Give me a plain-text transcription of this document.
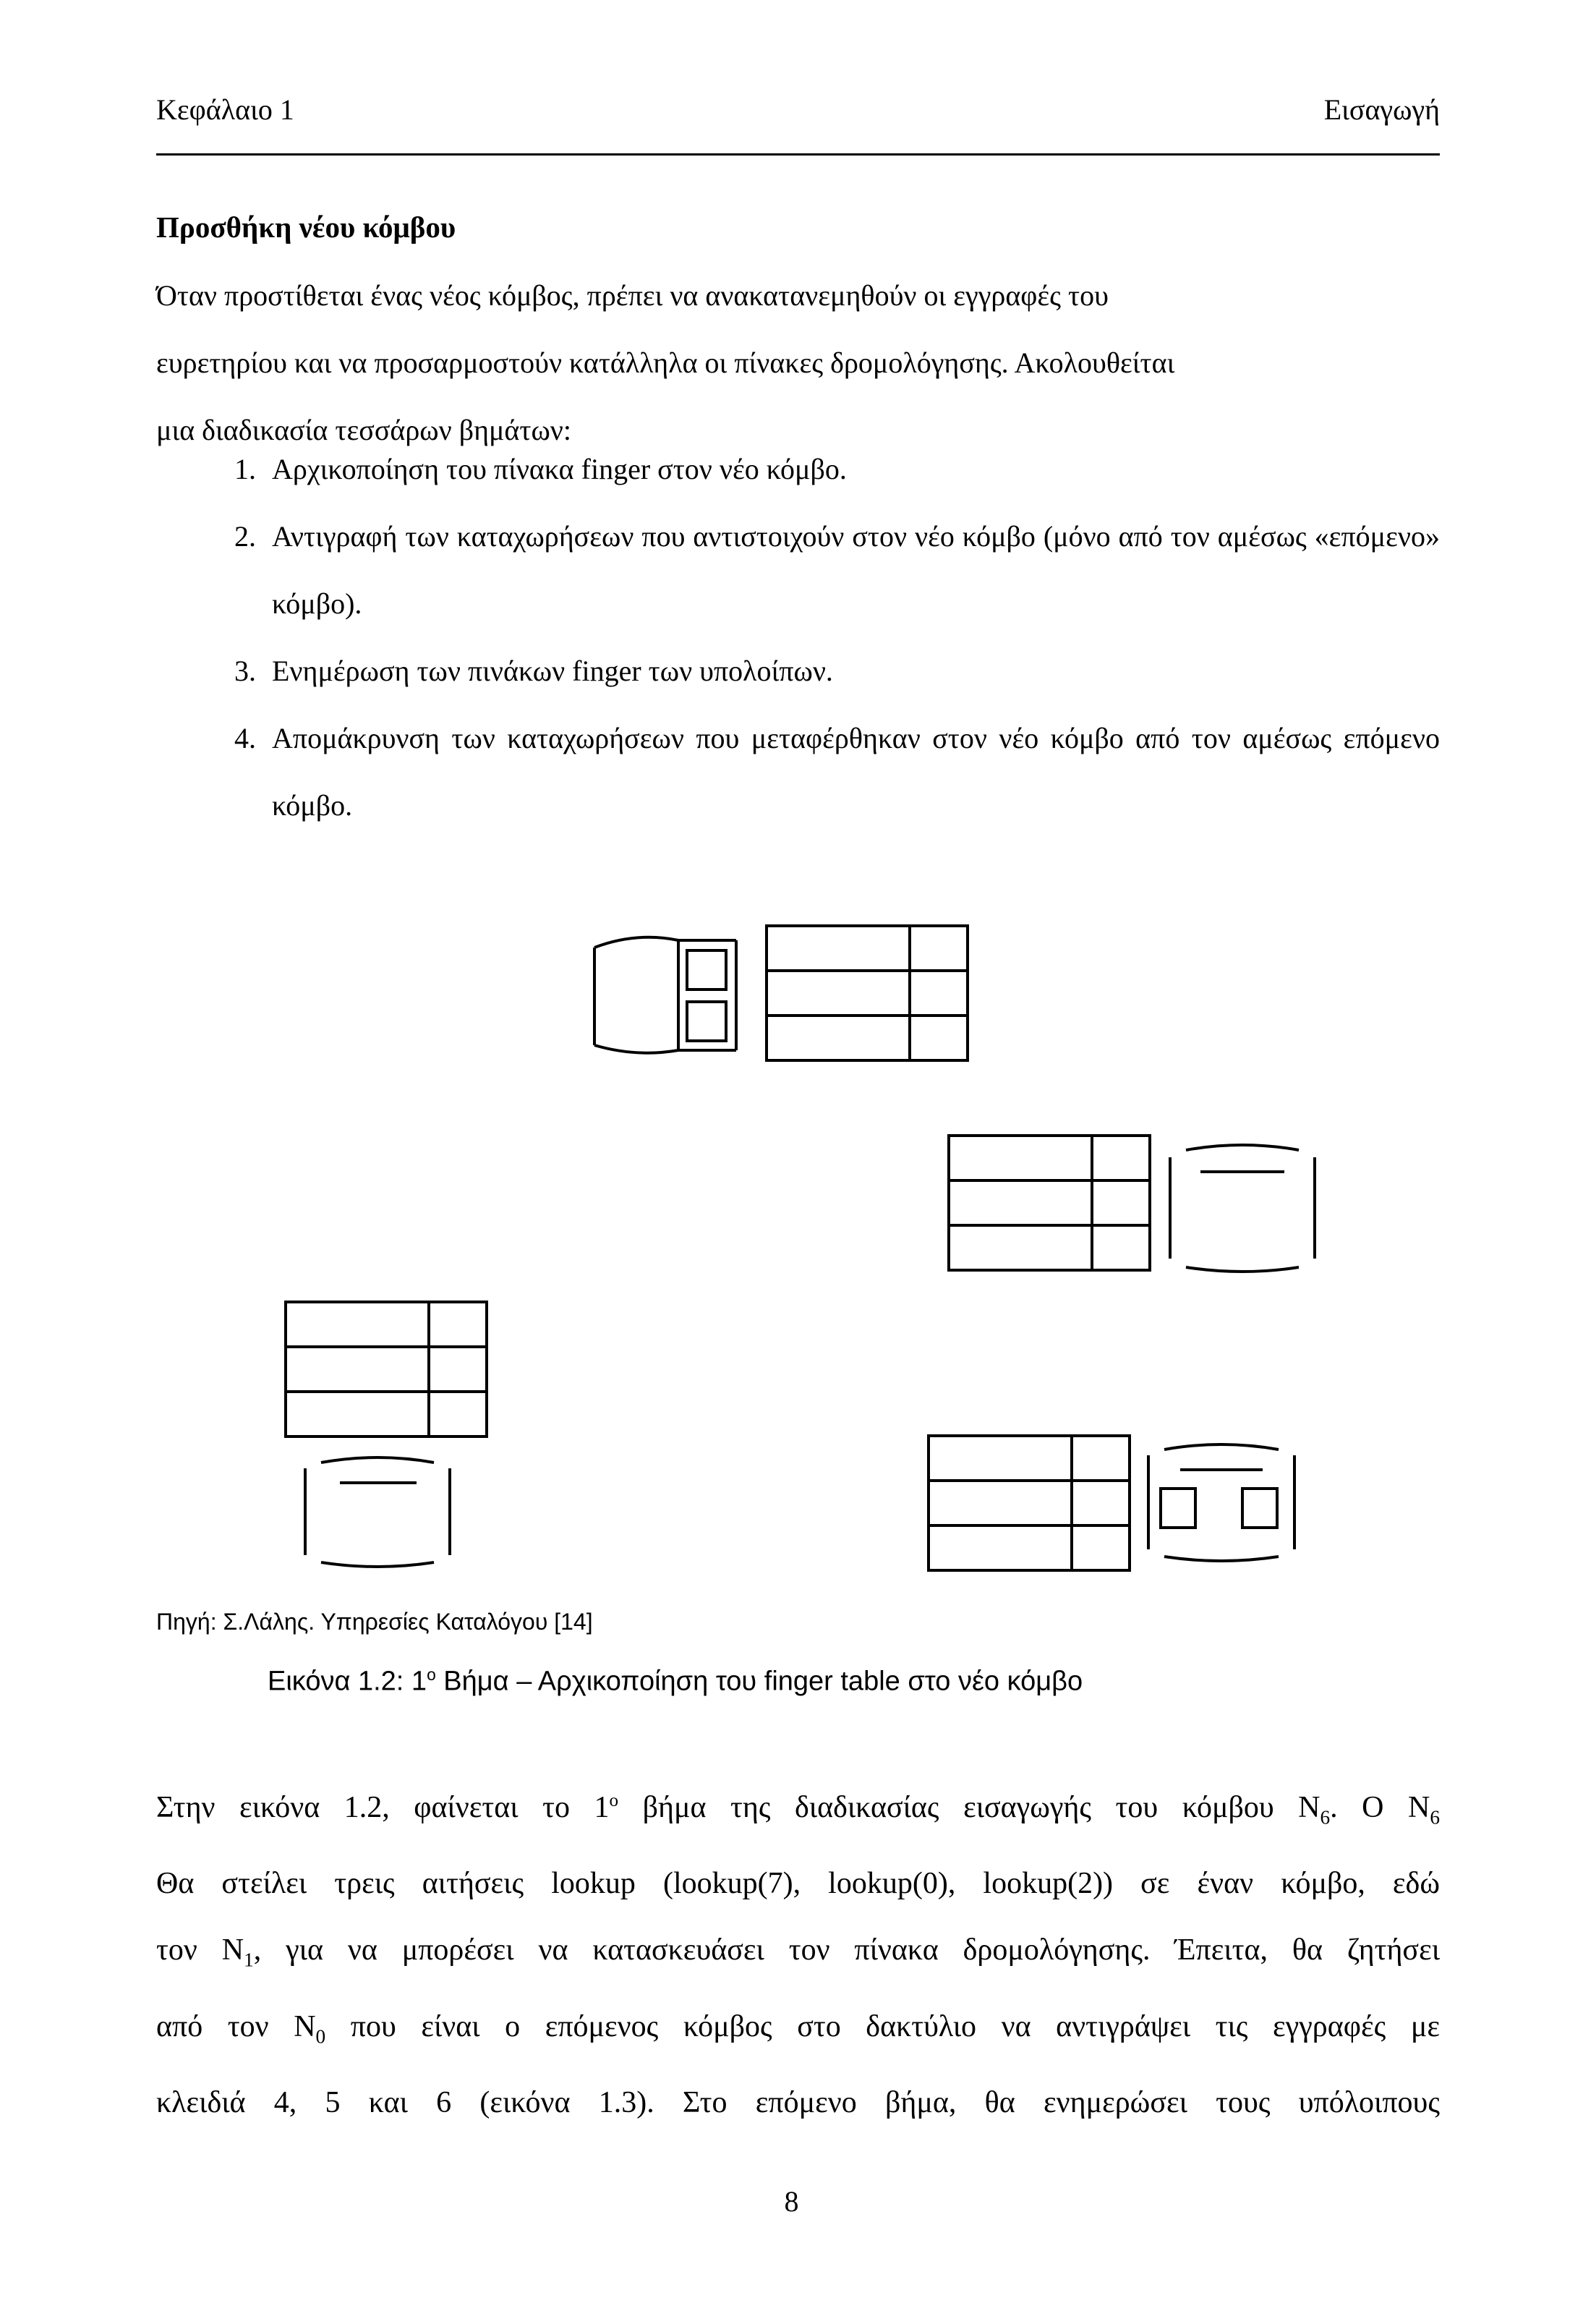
Κεφάλαιο 1	Εισαγωγή
Προσθήκη νέου κόμβου

Όταν προστίθεται ένας νέος κόμβος, πρέπει να ανακατανεμηθούν οι εγγραφές του

ευρετηρίου και να προσαρμοστούν κατάλληλα οι πίνακες δρομολόγησης. Ακολουθείται

μια διαδικασία τεσσάρων βημάτων:

1. Αρχικοποίηση του πίνακα finger στον νέο κόμβο.
2. Αντιγραφή των καταχωρήσεων που αντιστοιχούν στον νέο κόμβο (μόνο από τον αμέσως «επόμενο» κόμβο).
3. Ενημέρωση των πινάκων finger των υπολοίπων.
4. Απομάκρυνση των καταχωρήσεων που μεταφέρθηκαν στον νέο κόμβο από τον αμέσως επόμενο κόμβο.
Πηγή: Σ.Λάλης. Υπηρεσίες Καταλόγου [14]
Εικόνα 1.2: $1^o$ Βήμα – Αρχικοποίηση του finger table στο νέο κόμβο

Στην εικόνα 1.2, φαίνεται το $1^o$ βήμα της διαδικασίας εισαγωγής του κόμβου $N_6$. O $N_6$

Θα στείλει τρεις αιτήσεις lookup (lookup(7), lookup(0), lookup(2)) σε έναν κόμβο, εδώ

τον $N_1$, για να μπορέσει να κατασκευάσει τον πίνακα δρομολόγησης. Έπειτα, θα ζητήσει

από τον $N_0$ που είναι ο επόμενος κόμβος στο δακτύλιο να αντιγράψει τις εγγραφές με

κλειδιά 4, 5 και 6 (εικόνα 1.3). Στο επόμενο βήμα, θα ενημερώσει τους υπόλοιπους

8
